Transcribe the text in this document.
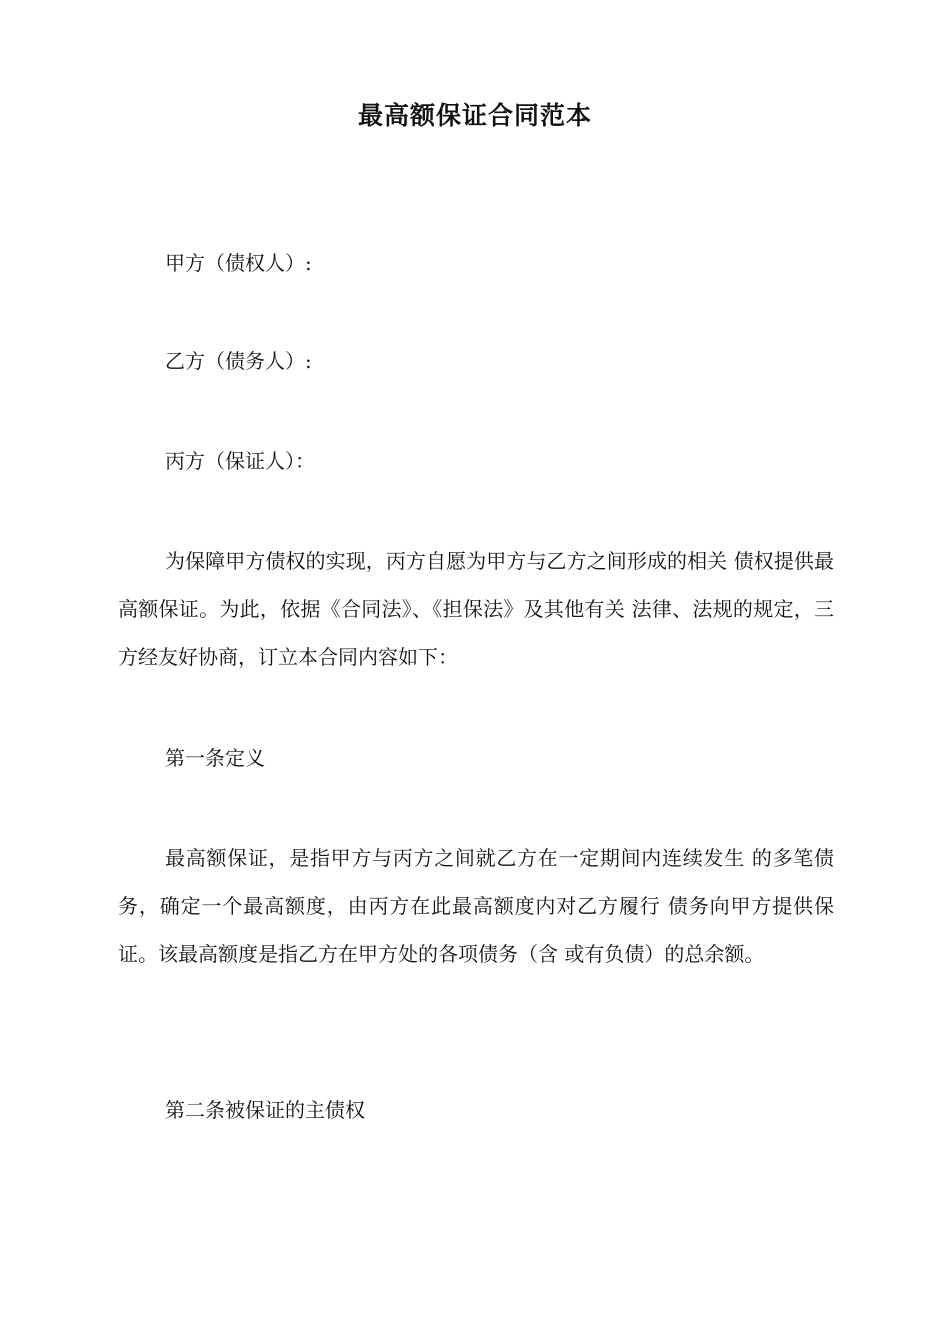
最高额保证合同范本
甲方（债权人）:
乙方（债务人）:
丙方（保证人）：
为保障甲方债权的实现，丙方自愿为甲方与乙方之间形成的相关 债权提供最高额保证。为此，依据《合同法》、《担保法》及其他有关 法律、法规的规定，三方经友好协商，订立本合同内容如下：
第一条定义
最高额保证，是指甲方与丙方之间就乙方在一定期间内连续发生 的多笔债务，确定一个最高额度，由丙方在此最高额度内对乙方履行 债务向甲方提供保证。该最高额度是指乙方在甲方处的各项债务（含 或有负债）的总余额。
第二条被保证的主债权
